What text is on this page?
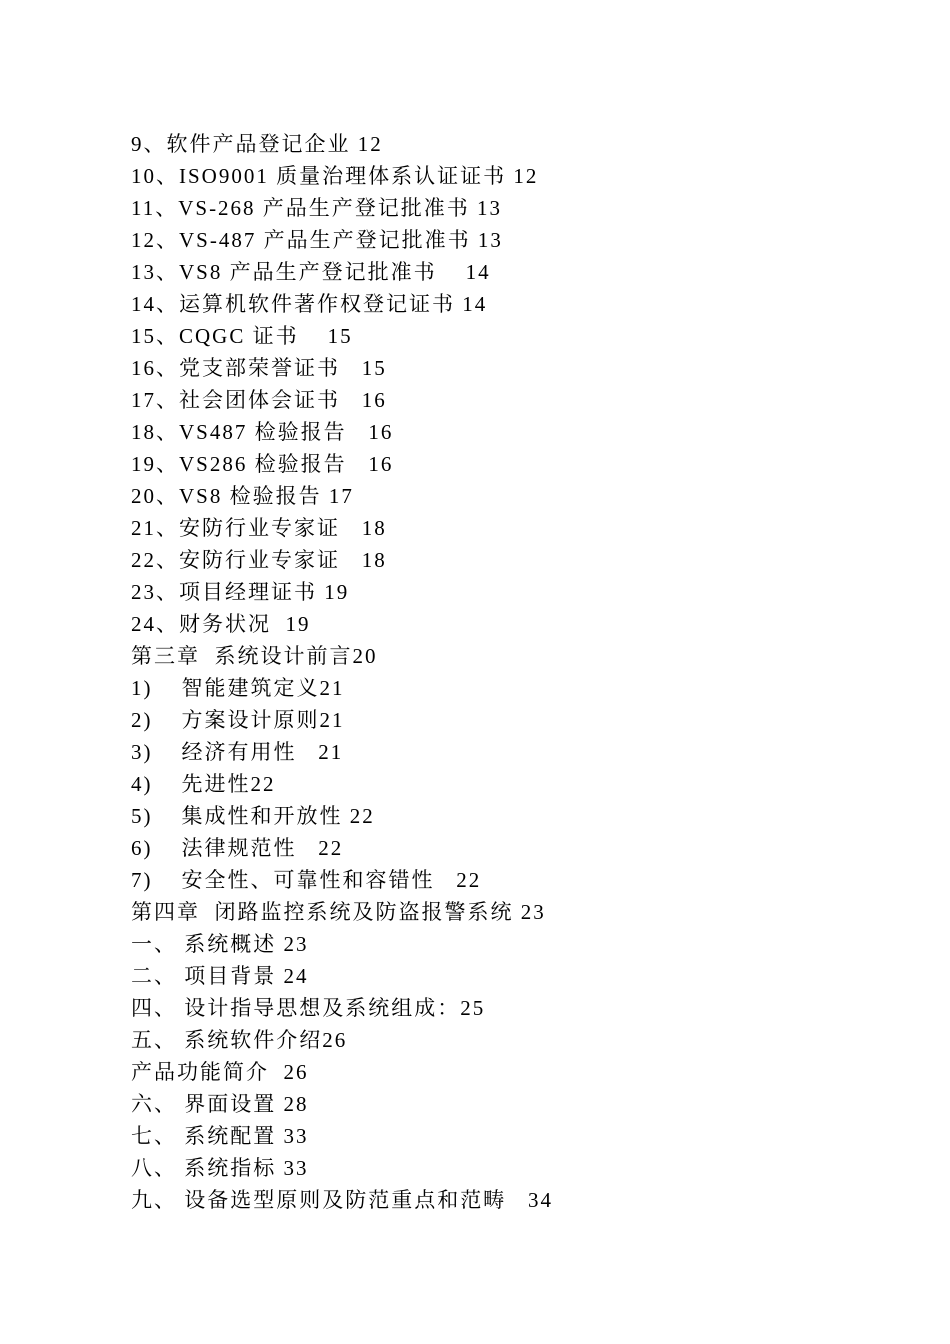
9、软件产品登记企业 12
10、ISO9001 质量治理体系认证证书 12
11、VS-268 产品生产登记批准书 13
12、VS-487 产品生产登记批准书 13
13、VS8 产品生产登记批准书    14
14、运算机软件著作权登记证书 14
15、CQGC 证书    15
16、党支部荣誉证书   15
17、社会团体会证书   16
18、VS487 检验报告   16
19、VS286 检验报告   16
20、VS8 检验报告 17
21、安防行业专家证   18
22、安防行业专家证   18
23、项目经理证书 19
24、财务状况  19
第三章  系统设计前言20
1)    智能建筑定义21
2)    方案设计原则21
3)    经济有用性   21
4)    先进性22
5)    集成性和开放性 22
6)    法律规范性   22
7)    安全性、可靠性和容错性   22
第四章  闭路监控系统及防盗报警系统 23
一、 系统概述 23
二、 项目背景 24
四、 设计指导思想及系统组成：25
五、 系统软件介绍26
产品功能简介  26
六、 界面设置 28
七、 系统配置 33
八、 系统指标 33
九、 设备选型原则及防范重点和范畴   34
